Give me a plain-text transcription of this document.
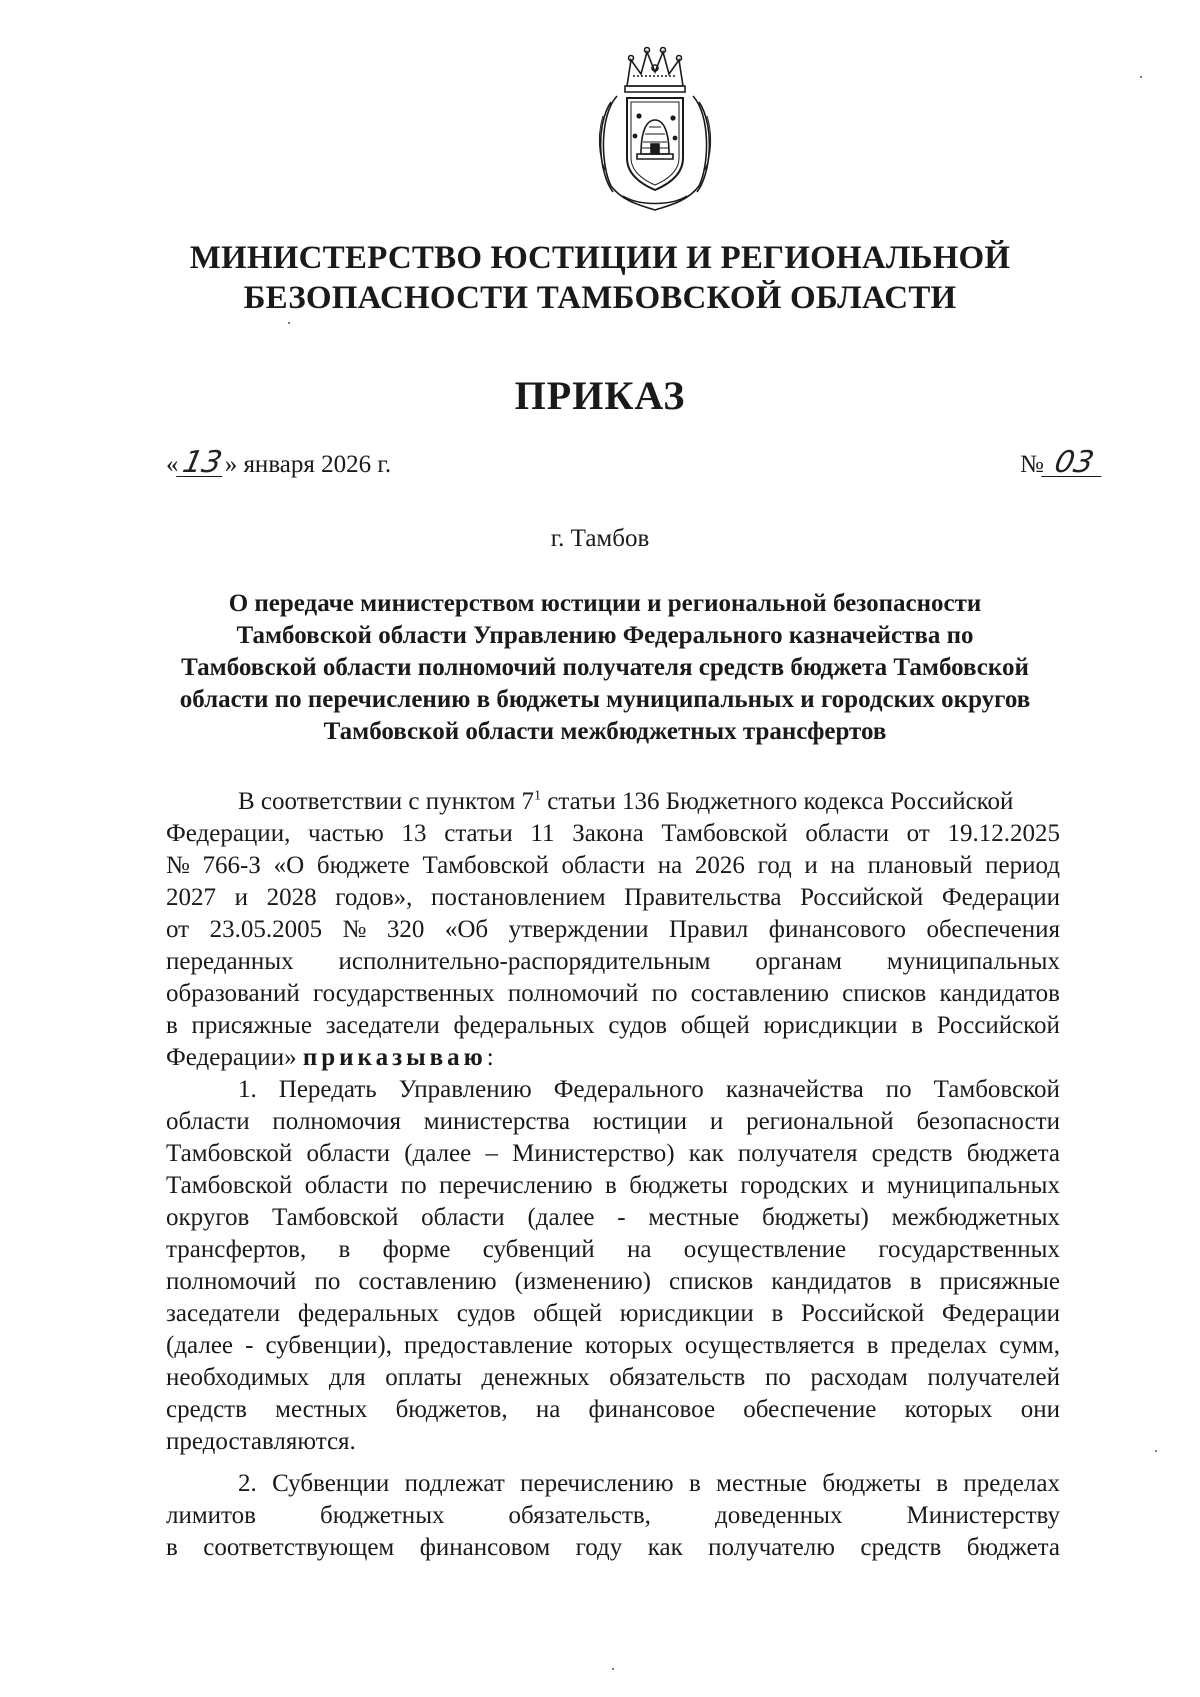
МИНИСТЕРСТВО ЮСТИЦИИ И РЕГИОНАЛЬНОЙ
БЕЗОПАСНОСТИ ТАМБОВСКОЙ ОБЛАСТИ
ПРИКАЗ
«13» января 2026 г.	№ 03
г. Тамбов
О передаче министерством юстиции и региональной безопасности
Тамбовской области Управлению Федерального казначейства по
Тамбовской области полномочий получателя средств бюджета Тамбовской
области по перечислению в бюджеты муниципальных и городских округов
Тамбовской области межбюджетных трансфертов
В соответствии с пунктом $7^1$ статьи 136 Бюджетного кодекса Российской
Федерации, частью 13 статьи 11 Закона Тамбовской области от 19.12.2025
№ 766-З «О бюджете Тамбовской области на 2026 год и на плановый период
2027 и 2028 годов», постановлением Правительства Российской Федерации
от 23.05.2005 № 320 «Об утверждении Правил финансового обеспечения
переданных исполнительно-распорядительным органам муниципальных
образований государственных полномочий по составлению списков кандидатов
в присяжные заседатели федеральных судов общей юрисдикции в Российской
Федерации» приказываю:
1. Передать Управлению Федерального казначейства по Тамбовской
области полномочия министерства юстиции и региональной безопасности
Тамбовской области (далее – Министерство) как получателя средств бюджета
Тамбовской области по перечислению в бюджеты городских и муниципальных
округов Тамбовской области (далее - местные бюджеты) межбюджетных
трансфертов, в форме субвенций на осуществление государственных
полномочий по составлению (изменению) списков кандидатов в присяжные
заседатели федеральных судов общей юрисдикции в Российской Федерации
(далее - субвенции), предоставление которых осуществляется в пределах сумм,
необходимых для оплаты денежных обязательств по расходам получателей
средств местных бюджетов, на финансовое обеспечение которых они
предоставляются.
2. Субвенции подлежат перечислению в местные бюджеты в пределах
лимитов	бюджетных	обязательств,	доведенных	Министерству
в соответствующем финансовом году как получателю средств бюджета
